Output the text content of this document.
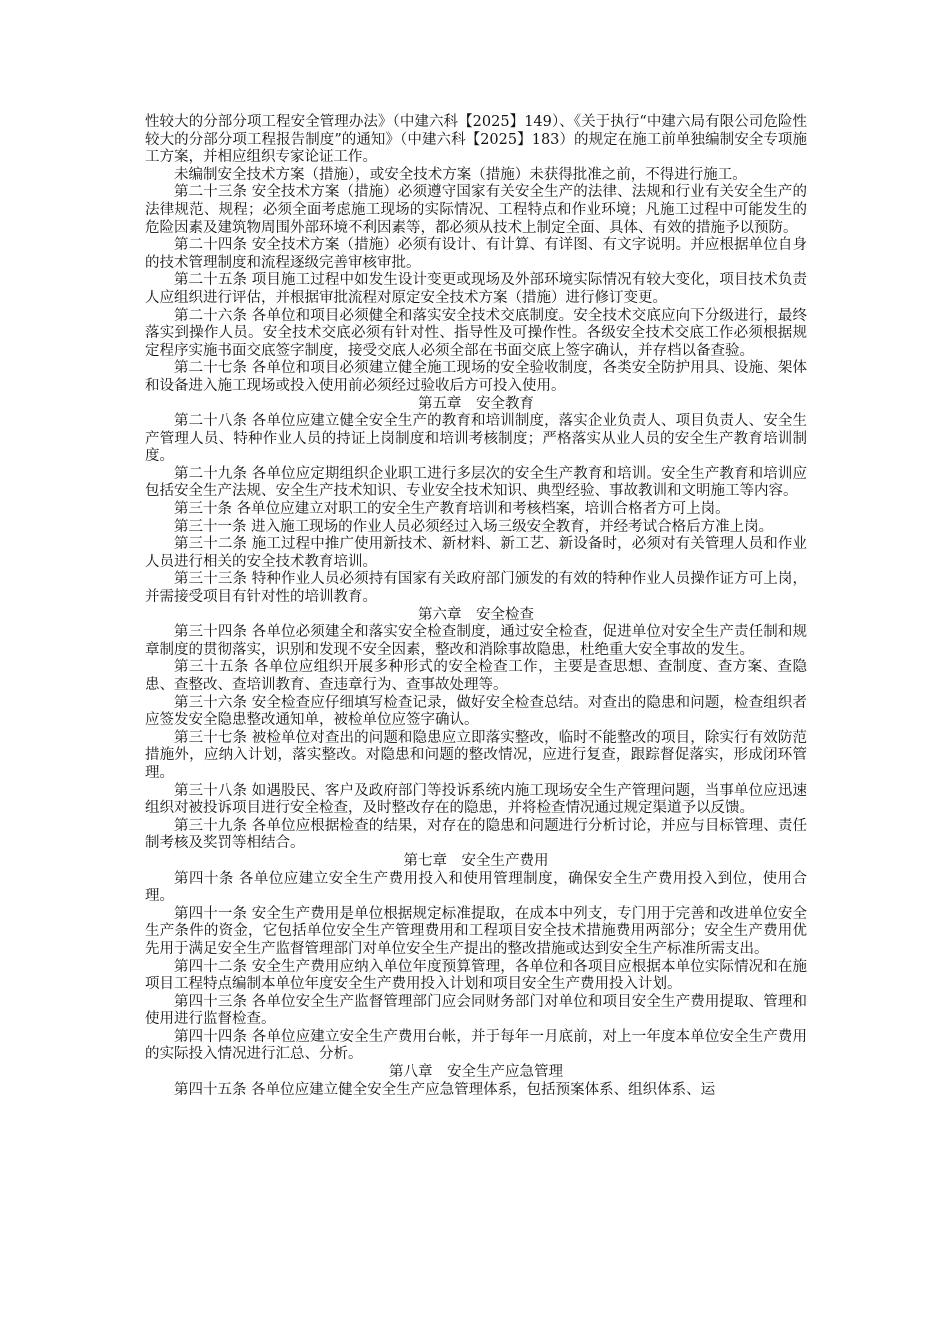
性较大的分部分项工程安全管理办法》（中建六科【2025】149）、《关于执行“中建六局有限公司危险性较大的分部分项工程报告制度”的通知》（中建六科【2025】183）的规定在施工前单独编制安全专项施工方案，并相应组织专家论证工作。

未编制安全技术方案（措施），或安全技术方案（措施）未获得批准之前，不得进行施工。

第二十三条 安全技术方案（措施）必须遵守国家有关安全生产的法律、法规和行业有关安全生产的法律规范、规程；必须全面考虑施工现场的实际情况、工程特点和作业环境；凡施工过程中可能发生的危险因素及建筑物周围外部环境不利因素等，都必须从技术上制定全面、具体、有效的措施予以预防。

第二十四条 安全技术方案（措施）必须有设计、有计算、有详图、有文字说明。并应根据单位自身的技术管理制度和流程逐级完善审核审批。

第二十五条 项目施工过程中如发生设计变更或现场及外部环境实际情况有较大变化，项目技术负责人应组织进行评估，并根据审批流程对原定安全技术方案（措施）进行修订变更。

第二十六条 各单位和项目必须健全和落实安全技术交底制度。安全技术交底应向下分级进行，最终落实到操作人员。安全技术交底必须有针对性、指导性及可操作性。各级安全技术交底工作必须根据规定程序实施书面交底签字制度，接受交底人必须全部在书面交底上签字确认，并存档以备查验。

第二十七条 各单位和项目必须建立健全施工现场的安全验收制度，各类安全防护用具、设施、架体和设备进入施工现场或投入使用前必须经过验收后方可投入使用。

第五章　安全教育

第二十八条 各单位应建立健全安全生产的教育和培训制度，落实企业负责人、项目负责人、安全生产管理人员、特种作业人员的持证上岗制度和培训考核制度；严格落实从业人员的安全生产教育培训制度。

第二十九条 各单位应定期组织企业职工进行多层次的安全生产教育和培训。安全生产教育和培训应包括安全生产法规、安全生产技术知识、专业安全技术知识、典型经验、事故教训和文明施工等内容。

第三十条 各单位应建立对职工的安全生产教育培训和考核档案，培训合格者方可上岗。

第三十一条 进入施工现场的作业人员必须经过入场三级安全教育，并经考试合格后方准上岗。

第三十二条 施工过程中推广使用新技术、新材料、新工艺、新设备时，必须对有关管理人员和作业人员进行相关的安全技术教育培训。

第三十三条 特种作业人员必须持有国家有关政府部门颁发的有效的特种作业人员操作证方可上岗，并需接受项目有针对性的培训教育。

第六章　安全检查

第三十四条 各单位必须建全和落实安全检查制度，通过安全检查，促进单位对安全生产责任制和规章制度的贯彻落实，识别和发现不安全因素，整改和消除事故隐患，杜绝重大安全事故的发生。

第三十五条 各单位应组织开展多种形式的安全检查工作，主要是查思想、查制度、查方案、查隐患、查整改、查培训教育、查违章行为、查事故处理等。

第三十六条 安全检查应仔细填写检查记录，做好安全检查总结。对查出的隐患和问题，检查组织者应签发安全隐患整改通知单，被检单位应签字确认。

第三十七条 被检单位对查出的问题和隐患应立即落实整改，临时不能整改的项目，除实行有效防范措施外，应纳入计划，落实整改。对隐患和问题的整改情况，应进行复查，跟踪督促落实，形成闭环管理。

第三十八条 如遇股民、客户及政府部门等投诉系统内施工现场安全生产管理问题，当事单位应迅速组织对被投诉项目进行安全检查，及时整改存在的隐患，并将检查情况通过规定渠道予以反馈。

第三十九条 各单位应根据检查的结果，对存在的隐患和问题进行分析讨论，并应与目标管理、责任制考核及奖罚等相结合。

第七章　安全生产费用

第四十条 各单位应建立安全生产费用投入和使用管理制度，确保安全生产费用投入到位，使用合理。

第四十一条 安全生产费用是单位根据规定标准提取，在成本中列支，专门用于完善和改进单位安全生产条件的资金，它包括单位安全生产管理费用和工程项目安全技术措施费用两部分；安全生产费用优先用于满足安全生产监督管理部门对单位安全生产提出的整改措施或达到安全生产标准所需支出。

第四十二条 安全生产费用应纳入单位年度预算管理，各单位和各项目应根据本单位实际情况和在施项目工程特点编制本单位年度安全生产费用投入计划和项目安全生产费用投入计划。

第四十三条 各单位安全生产监督管理部门应会同财务部门对单位和项目安全生产费用提取、管理和使用进行监督检查。

第四十四条 各单位应建立安全生产费用台帐，并于每年一月底前，对上一年度本单位安全生产费用的实际投入情况进行汇总、分析。

第八章　安全生产应急管理

第四十五条 各单位应建立健全安全生产应急管理体系，包括预案体系、组织体系、运
